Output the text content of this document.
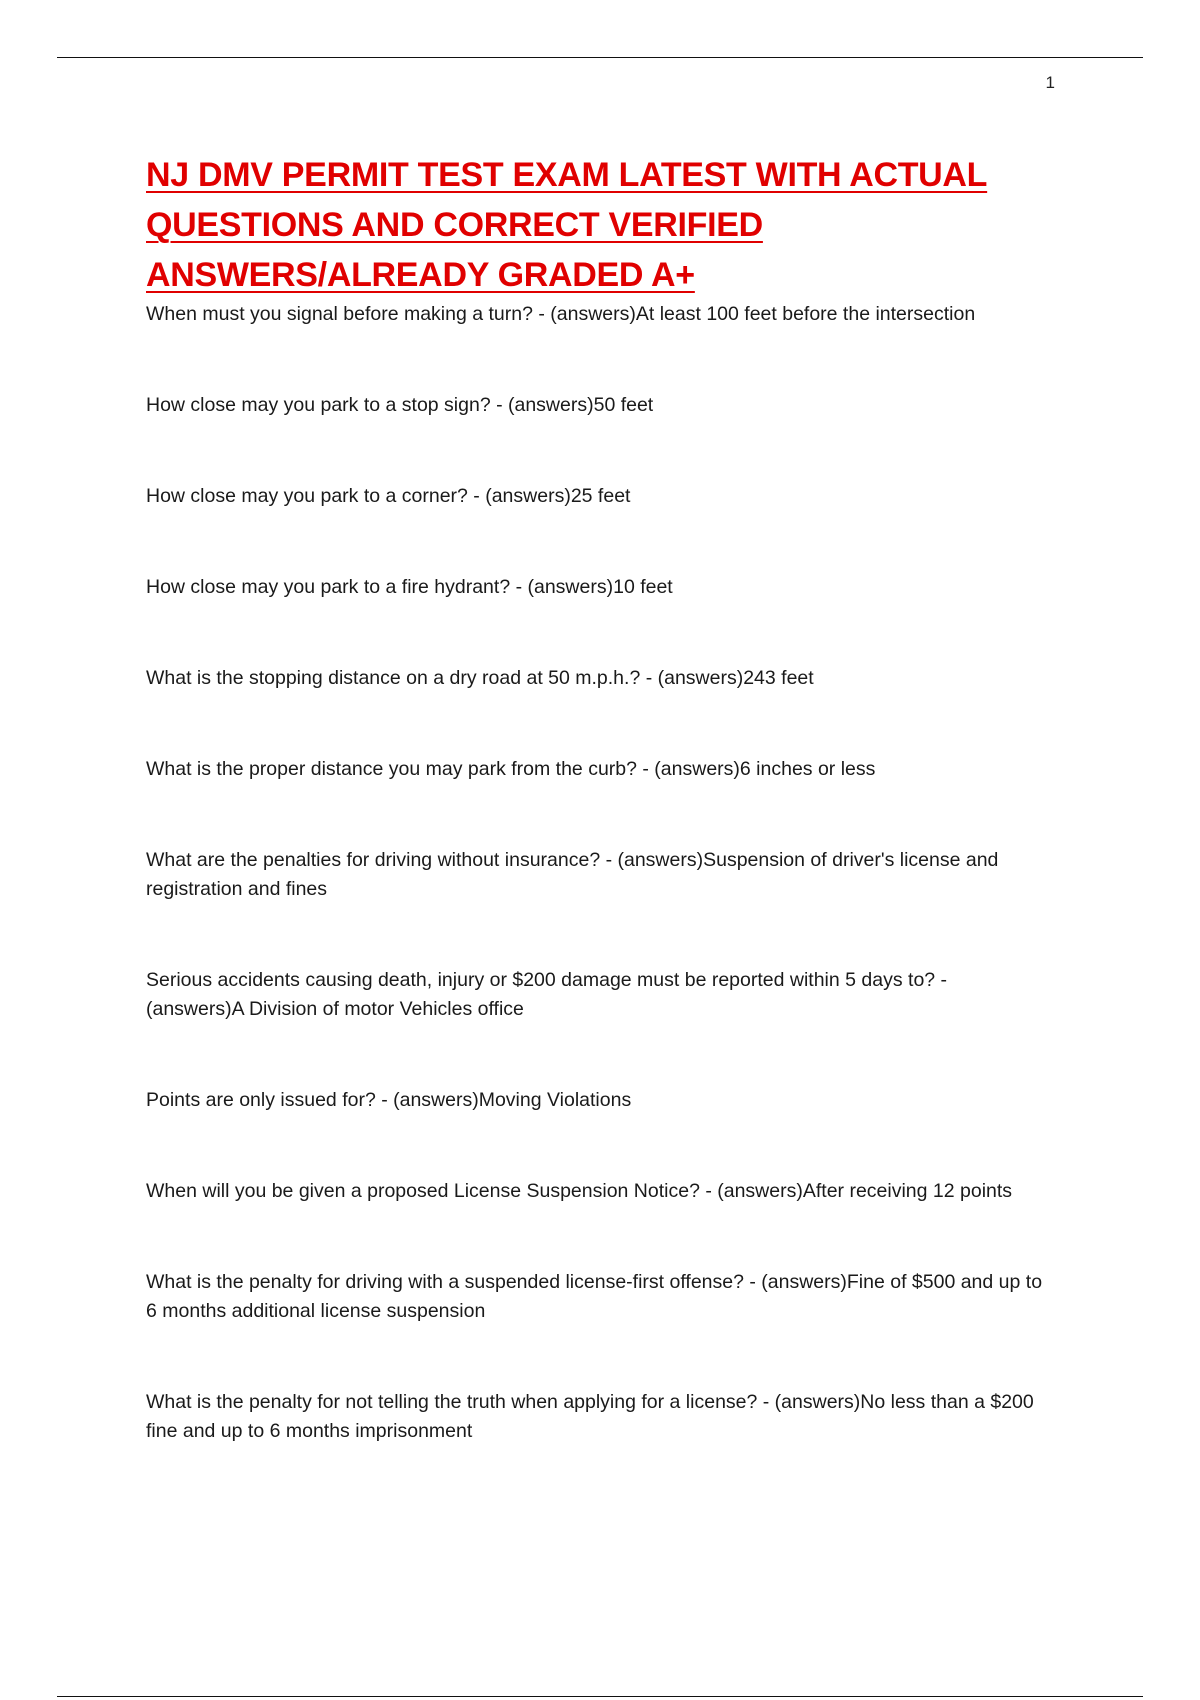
1
NJ DMV PERMIT TEST EXAM LATEST WITH ACTUAL QUESTIONS AND CORRECT VERIFIED ANSWERS/ALREADY GRADED A+

When must you signal before making a turn? - (answers)At least 100 feet before the intersection

How close may you park to a stop sign? - (answers)50 feet

How close may you park to a corner? - (answers)25 feet

How close may you park to a fire hydrant? - (answers)10 feet

What is the stopping distance on a dry road at 50 m.p.h.? - (answers)243 feet

What is the proper distance you may park from the curb? - (answers)6 inches or less

What are the penalties for driving without insurance? - (answers)Suspension of driver's license and registration and fines

Serious accidents causing death, injury or $200 damage must be reported within 5 days to? - (answers)A Division of motor Vehicles office

Points are only issued for? - (answers)Moving Violations

When will you be given a proposed License Suspension Notice? - (answers)After receiving 12 points

What is the penalty for driving with a suspended license-first offense? - (answers)Fine of $500 and up to 6 months additional license suspension

What is the penalty for not telling the truth when applying for a license? - (answers)No less than a $200 fine and up to 6 months imprisonment
